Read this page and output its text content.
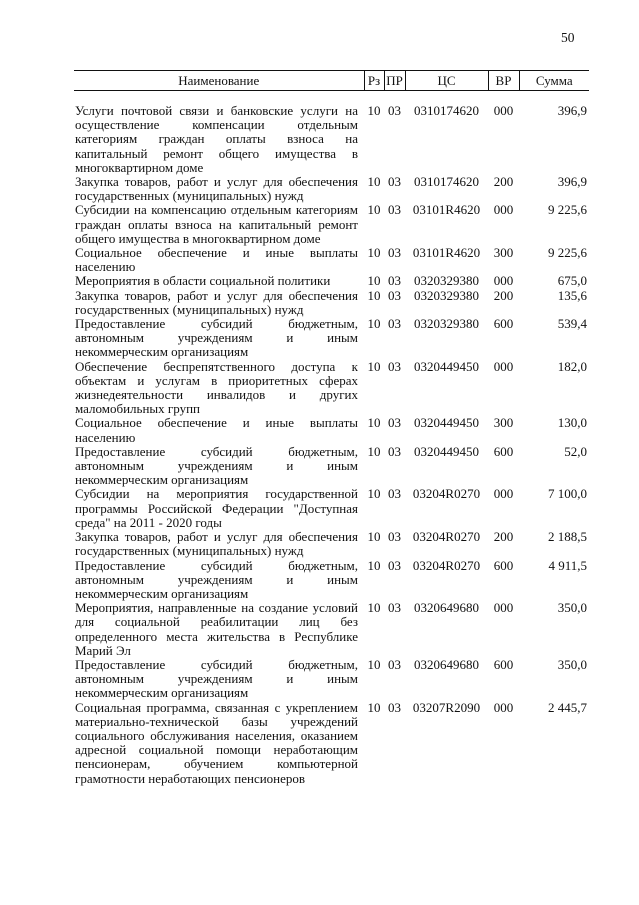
50
Наименование	Рз	ПР	ЦС	ВР	Сумма
Услуги почтовой связи и банковские услуги на осуществление компенсации отдельным категориям граждан оплаты взноса на капитальный ремонт общего имущества в многоквартирном доме	10	03	0310174620	000	396,9
Закупка товаров, работ и услуг для обеспечения государственных (муниципальных) нужд	10	03	0310174620	200	396,9
Субсидии на компенсацию отдельным категориям граждан оплаты взноса на капитальный ремонт общего имущества в многоквартирном доме	10	03	03101R4620	000	9 225,6
Социальное обеспечение и иные выплаты населению	10	03	03101R4620	300	9 225,6
Мероприятия в области социальной политики	10	03	0320329380	000	675,0
Закупка товаров, работ и услуг для обеспечения государственных (муниципальных) нужд	10	03	0320329380	200	135,6
Предоставление субсидий бюджетным, автономным учреждениям и иным некоммерческим организациям	10	03	0320329380	600	539,4
Обеспечение беспрепятственного доступа к объектам и услугам в приоритетных сферах жизнедеятельности инвалидов и других маломобильных групп	10	03	0320449450	000	182,0
Социальное обеспечение и иные выплаты населению	10	03	0320449450	300	130,0
Предоставление субсидий бюджетным, автономным учреждениям и иным некоммерческим организациям	10	03	0320449450	600	52,0
Субсидии на мероприятия государственной программы Российской Федерации "Доступная среда" на 2011 - 2020 годы	10	03	03204R0270	000	7 100,0
Закупка товаров, работ и услуг для обеспечения государственных (муниципальных) нужд	10	03	03204R0270	200	2 188,5
Предоставление субсидий бюджетным, автономным учреждениям и иным некоммерческим организациям	10	03	03204R0270	600	4 911,5
Мероприятия, направленные на создание условий для социальной реабилитации лиц без определенного места жительства в Республике Марий Эл	10	03	0320649680	000	350,0
Предоставление субсидий бюджетным, автономным учреждениям и иным некоммерческим организациям	10	03	0320649680	600	350,0
Социальная программа, связанная с укреплением материально-технической базы учреждений социального обслуживания населения, оказанием адресной социальной помощи неработающим пенсионерам, обучением компьютерной грамотности неработающих пенсионеров	10	03	03207R2090	000	2 445,7
